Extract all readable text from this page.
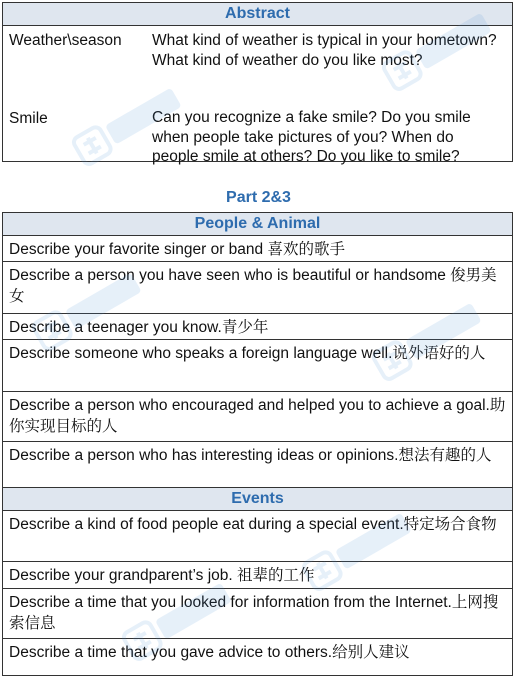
Abstract
Weather\season What kind of weather is typical in your hometown? What kind of weather do you like most?
Smile	Can you recognize a fake smile? Do you smile when people take pictures of you? When do people smile at others? Do you like to smile?
Part 2&3
People & Animal
Describe your favorite singer or band 喜欢的歌手
Describe a person you have seen who is beautiful or handsome 俊男美女
Describe a teenager you know.青少年
Describe someone who speaks a foreign language well.说外语好的人
Describe a person who encouraged and helped you to achieve a goal.助你实现目标的人
Describe a person who has interesting ideas or opinions.想法有趣的人
Events
Describe a kind of food people eat during a special event.特定场合食物
Describe your grandparent’s job. 祖辈的工作
Describe a time that you looked for information from the Internet.上网搜索信息
Describe a time that you gave advice to others.给别人建议
